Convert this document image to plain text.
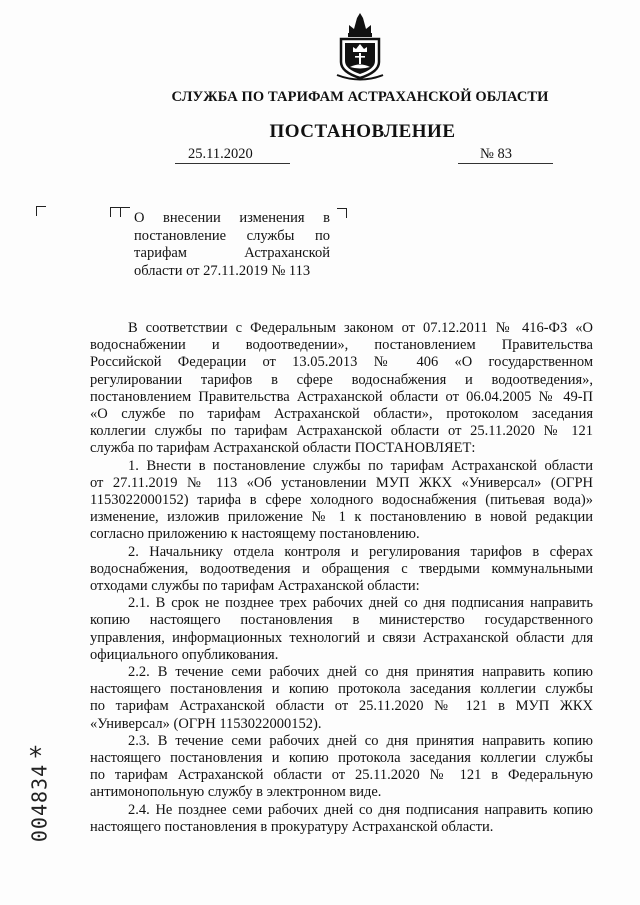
СЛУЖБА ПО ТАРИФАМ АСТРАХАНСКОЙ ОБЛАСТИ
ПОСТАНОВЛЕНИЕ
25.11.2020	№ 83
О внесении изменения в
постановление службы по
тарифам Астраханской
области от 27.11.2019 № 113
В соответствии с Федеральным законом от 07.12.2011 № 416-ФЗ «О
водоснабжении и водоотведении», постановлением Правительства
Российской Федерации от 13.05.2013 № 406 «О государственном
регулировании тарифов в сфере водоснабжения и водоотведения»,
постановлением Правительства Астраханской области от 06.04.2005 № 49-П
«О службе по тарифам Астраханской области», протоколом заседания
коллегии службы по тарифам Астраханской области от 25.11.2020 № 121
служба по тарифам Астраханской области ПОСТАНОВЛЯЕТ:
1. Внести в постановление службы по тарифам Астраханской области
от 27.11.2019 № 113 «Об установлении МУП ЖКХ «Универсал» (ОГРН
1153022000152) тарифа в сфере холодного водоснабжения (питьевая вода)»
изменение, изложив приложение № 1 к постановлению в новой редакции
согласно приложению к настоящему постановлению.
2. Начальнику отдела контроля и регулирования тарифов в сферах
водоснабжения, водоотведения и обращения с твердыми коммунальными
отходами службы по тарифам Астраханской области:
2.1. В срок не позднее трех рабочих дней со дня подписания направить
копию настоящего постановления в министерство государственного
управления, информационных технологий и связи Астраханской области для
официального опубликования.
2.2. В течение семи рабочих дней со дня принятия направить копию
настоящего постановления и копию протокола заседания коллегии службы
по тарифам Астраханской области от 25.11.2020 № 121 в МУП ЖКХ
«Универсал» (ОГРН 1153022000152).
2.3. В течение семи рабочих дней со дня принятия направить копию
настоящего постановления и копию протокола заседания коллегии службы
по тарифам Астраханской области от 25.11.2020 № 121 в Федеральную
антимонопольную службу в электронном виде.
2.4. Не позднее семи рабочих дней со дня подписания направить копию
настоящего постановления в прокуратуру Астраханской области.
*
004834
